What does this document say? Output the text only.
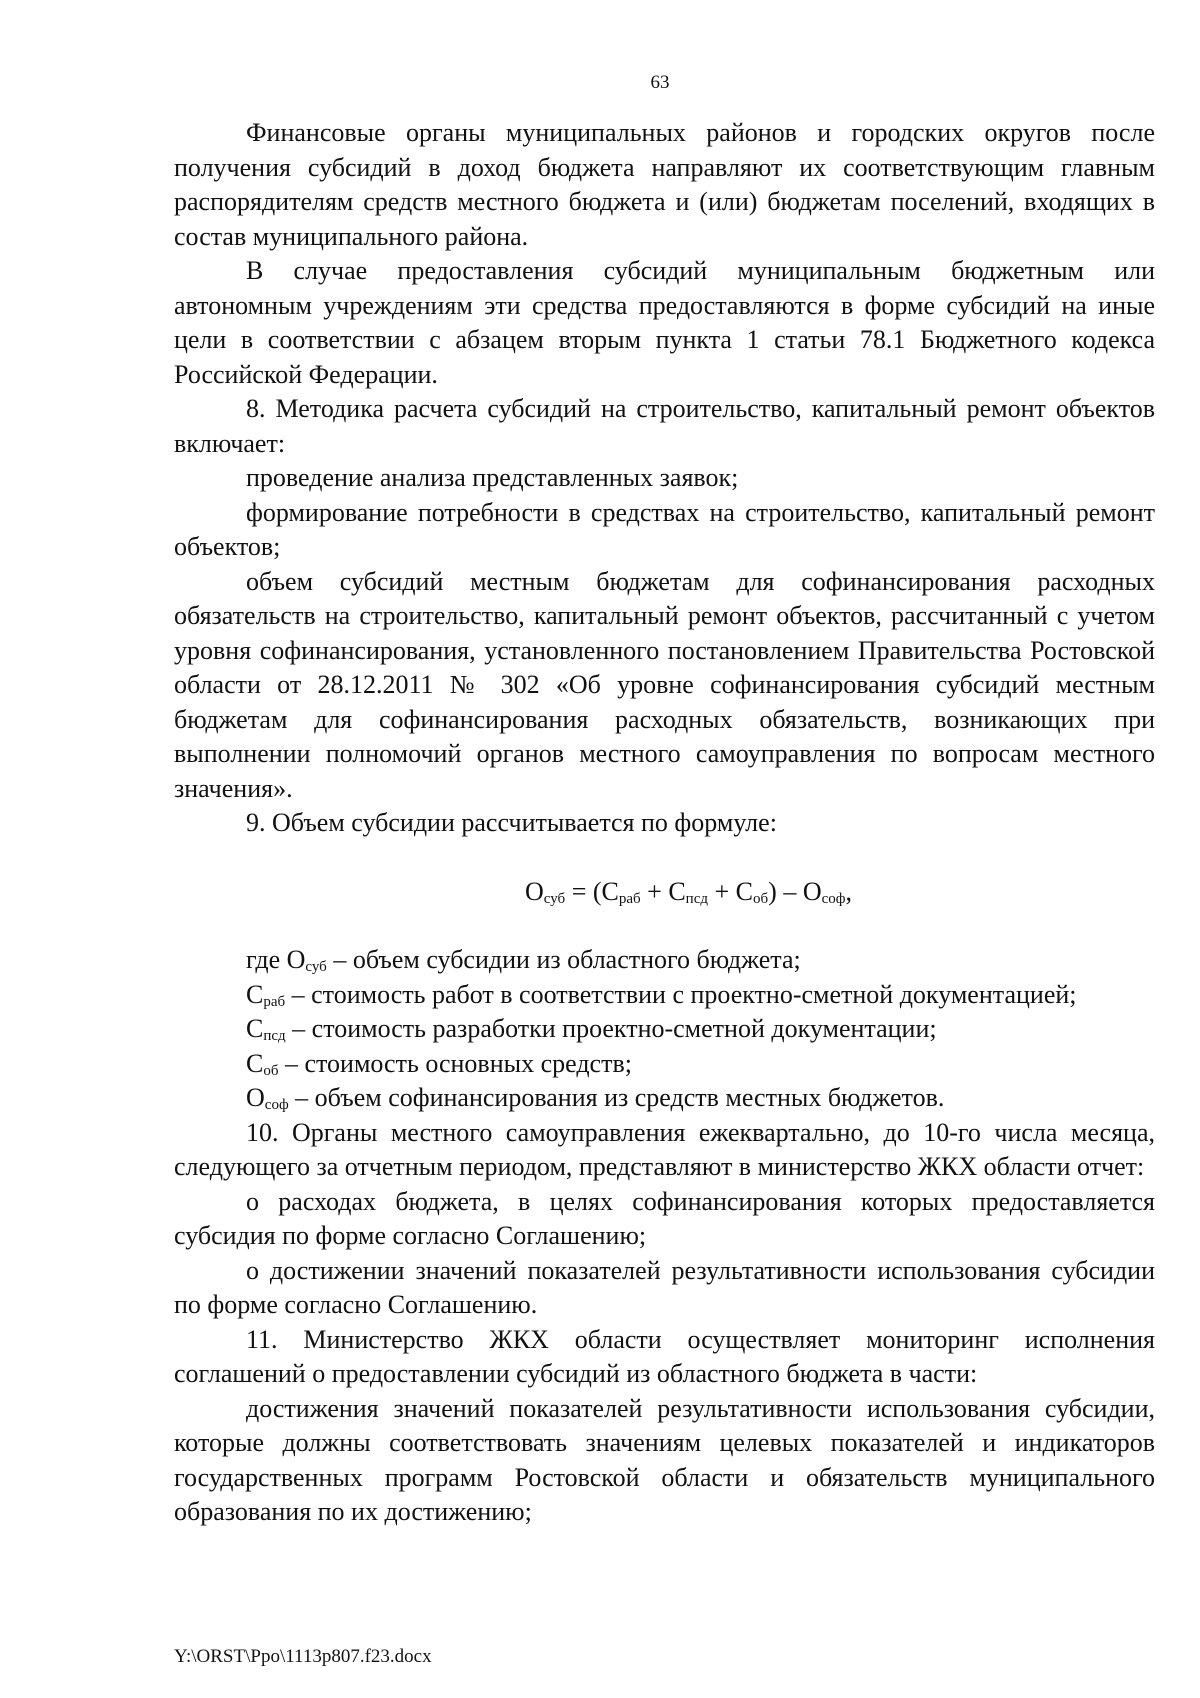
63

Финансовые органы муниципальных районов и городских округов после получения субсидий в доход бюджета направляют их соответствующим главным распорядителям средств местного бюджета и (или) бюджетам поселений, входящих в состав муниципального района.

В случае предоставления субсидий муниципальным бюджетным или автономным учреждениям эти средства предоставляются в форме субсидий на иные цели в соответствии с абзацем вторым пункта 1 статьи 78.1 Бюджетного кодекса Российской Федерации.

8. Методика расчета субсидий на строительство, капитальный ремонт объектов включает:

проведение анализа представленных заявок;

формирование потребности в средствах на строительство, капитальный ремонт объектов;

объем субсидий местным бюджетам для софинансирования расходных обязательств на строительство, капитальный ремонт объектов, рассчитанный с учетом уровня софинансирования, установленного постановлением Правительства Ростовской области от 28.12.2011 № 302 «Об уровне софинансирования субсидий местным бюджетам для софинансирования расходных обязательств, возникающих при выполнении полномочий органов местного самоуправления по вопросам местного значения».

9. Объем субсидии рассчитывается по формуле:

$О_{суб} = (С_{раб} + С_{псд} + С_{об}) - О_{соф}$,

где $О_{суб}$ – объем субсидии из областного бюджета;

$С_{раб}$ – стоимость работ в соответствии с проектно-сметной документацией;

$С_{псд}$ – стоимость разработки проектно-сметной документации;

$С_{об}$ – стоимость основных средств;

$О_{соф}$ – объем софинансирования из средств местных бюджетов.

10. Органы местного самоуправления ежеквартально, до 10-го числа месяца, следующего за отчетным периодом, представляют в министерство ЖКХ области отчет:

о расходах бюджета, в целях софинансирования которых предоставляется субсидия по форме согласно Соглашению;

о достижении значений показателей результативности использования субсидии по форме согласно Соглашению.

11. Министерство ЖКХ области осуществляет мониторинг исполнения соглашений о предоставлении субсидий из областного бюджета в части:

достижения значений показателей результативности использования субсидии, которые должны соответствовать значениям целевых показателей и индикаторов государственных программ Ростовской области и обязательств муниципального образования по их достижению;

Y:\ORST\Ppo\1113p807.f23.docx
